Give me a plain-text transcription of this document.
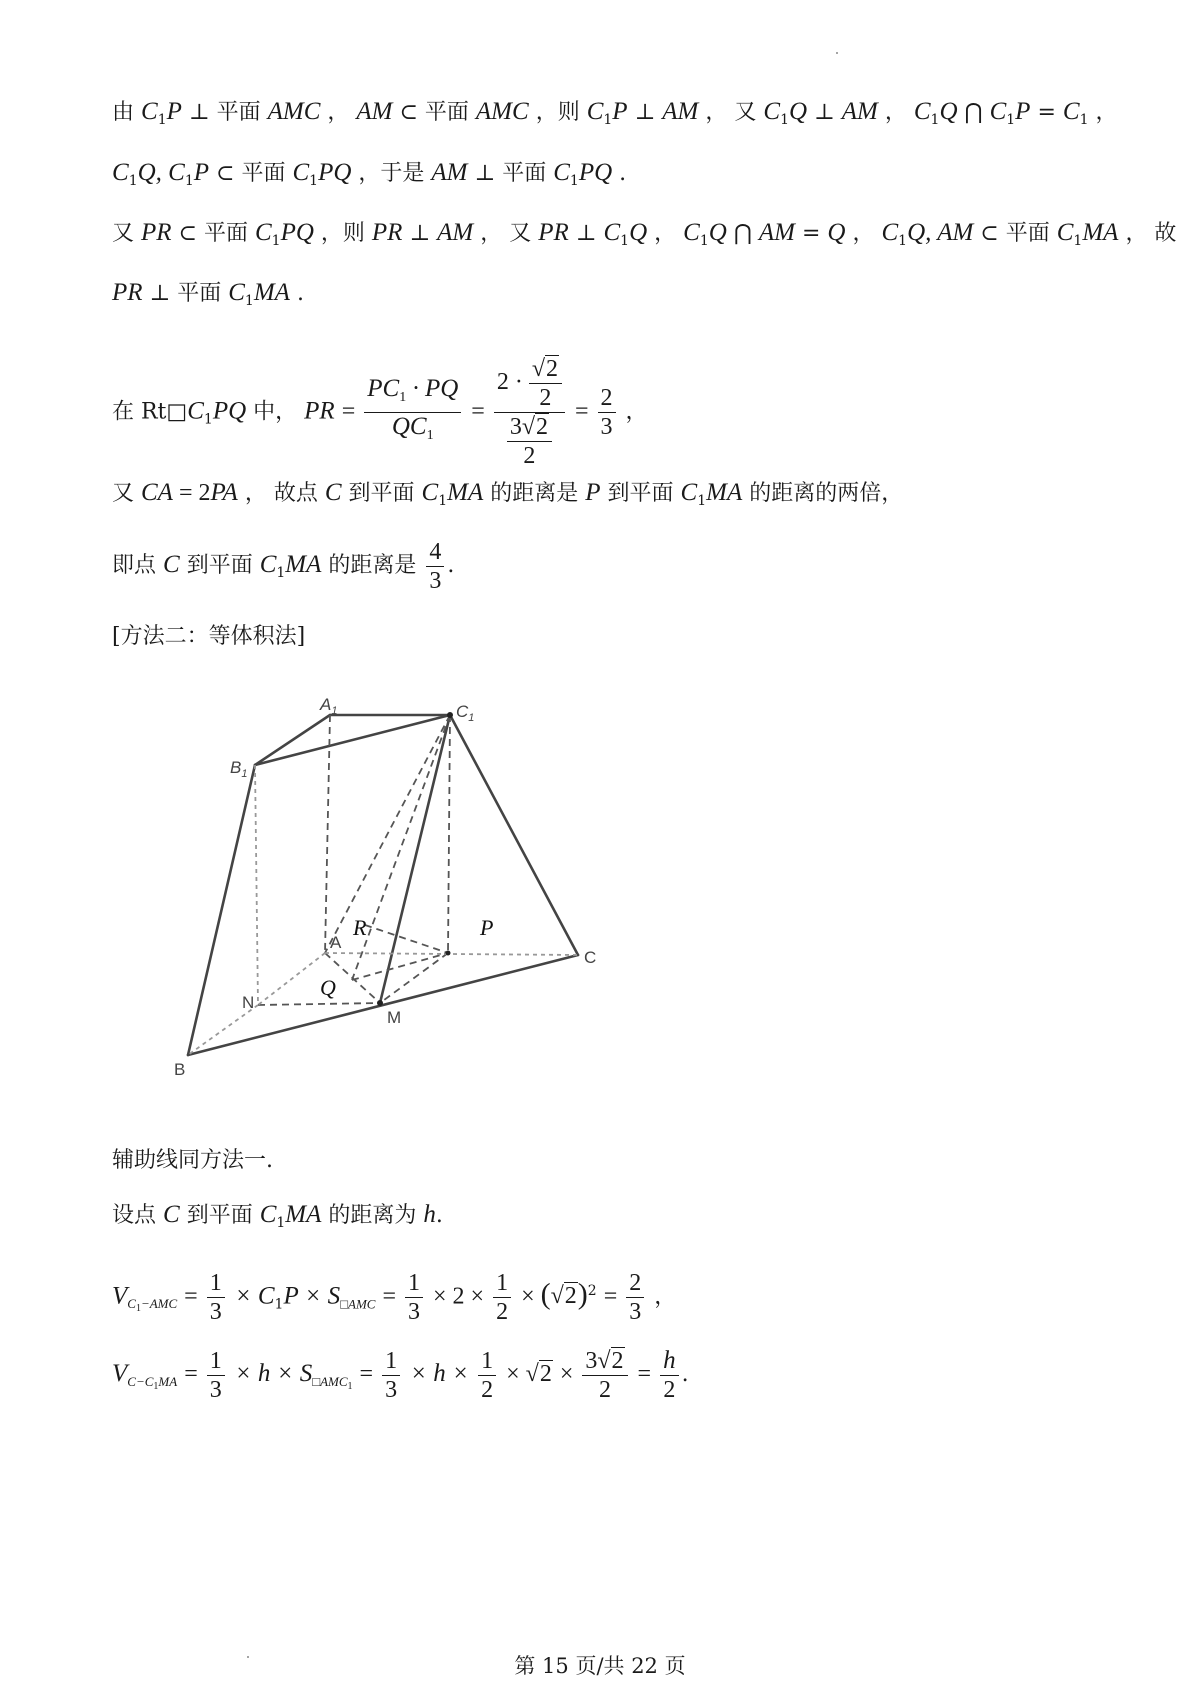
由 $C_1P$ ⊥ 平面 AMC ， AM ⊂ 平面 AMC ，则 $C_1P$ ⊥ AM ， 又 $C_1Q$ ⊥ AM ， $C_1Q$ ⋂ $C_1P = C_1$ ，
$C_1Q$, $C_1P$ ⊂ 平面 $C_1PQ$ ，于是 AM ⊥ 平面 $C_1PQ$ .
又 PR ⊂ 平面 $C_1PQ$ ，则 PR ⊥ AM ， 又 PR ⊥ $C_1Q$ ， $C_1Q$ ⋂ AM = Q ， $C_1Q$, AM ⊂ 平面 $C_1MA$ ， 故
PR ⊥ 平面 $C_1MA$ .
在 $Rt□C_1PQ$ 中， PR = $\frac{PC_1 \cdot PQ}{QC_1} = \frac{2 \cdot \frac{√2}{2}}{\frac{3√2}{2}} = \frac{2}{3}$ ，
又 CA = 2PA ， 故点 C 到平面 $C_1MA$ 的距离是 P 到平面 $C_1MA$ 的距离的两倍，
即点 C 到平面 $C_1MA$ 的距离是 $\frac{4}{3}$ .
[方法二：等体积法]
$A_1$	$C_1$
$B_1$
A
C
N
M
B
R	P
Q
辅助线同方法一.
设点 C 到平面 $C_1MA$ 的距离为 h.
$V_{C_1-AMC} = \frac{1}{3} \times C_1P \times S_{□AMC} = \frac{1}{3} \times 2 \times \frac{1}{2} \times (√2)^2 = \frac{2}{3}$ ，
$V_{C-C_1MA} = \frac{1}{3} \times h \times S_{□AMC_1} = \frac{1}{3} \times h \times \frac{1}{2} \times √2 \times \frac{3√2}{2} = \frac{h}{2}$ .
第 15 页/共 22 页
